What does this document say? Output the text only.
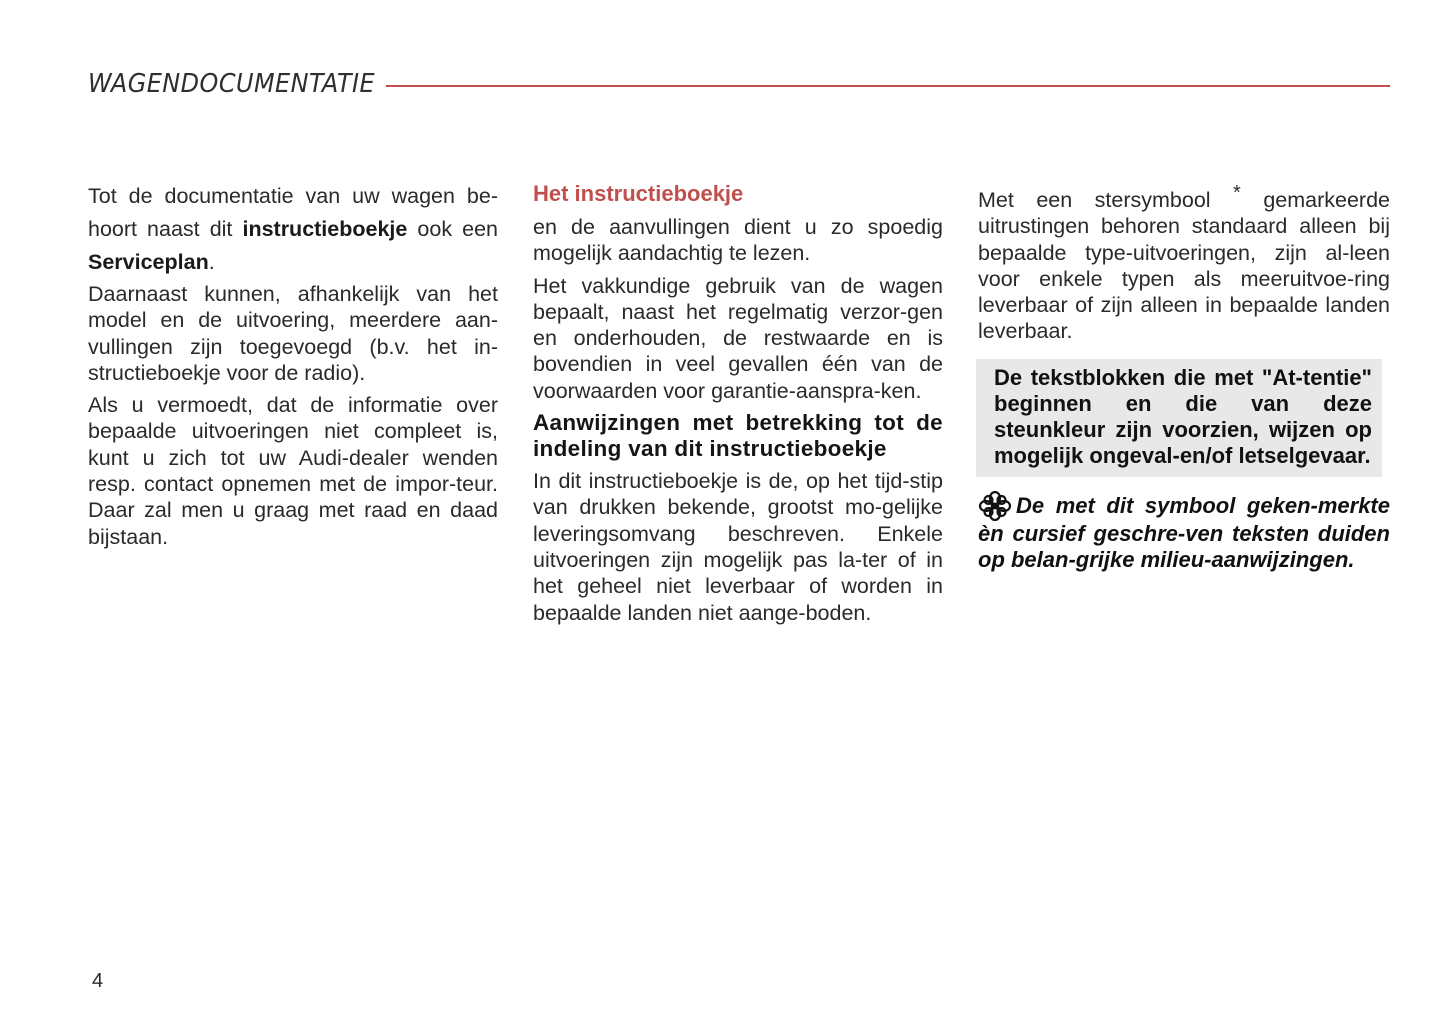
WAGENDOCUMENTATIE

Tot de documentatie van uw wagen be-hoort naast dit instructieboekje ook een Serviceplan.

Daarnaast kunnen, afhankelijk van het model en de uitvoering, meerdere aan-vullingen zijn toegevoegd (b.v. het in-structieboekje voor de radio).

Als u vermoedt, dat de informatie over bepaalde uitvoeringen niet compleet is, kunt u zich tot uw Audi-dealer wenden resp. contact opnemen met de impor-teur. Daar zal men u graag met raad en daad bijstaan.

Het instructieboekje

en de aanvullingen dient u zo spoedig mogelijk aandachtig te lezen.

Het vakkundige gebruik van de wagen bepaalt, naast het regelmatig verzor-gen en onderhouden, de restwaarde en is bovendien in veel gevallen één van de voorwaarden voor garantie-aanspra-ken.

Aanwijzingen met betrekking tot de indeling van dit instructieboekje

In dit instructieboekje is de, op het tijd-stip van drukken bekende, grootst mo-gelijke leveringsomvang beschreven. Enkele uitvoeringen zijn mogelijk pas la-ter of in het geheel niet leverbaar of worden in bepaalde landen niet aange-boden.

Met een stersymbool * gemarkeerde uitrustingen behoren standaard alleen bij bepaalde type-uitvoeringen, zijn al-leen voor enkele typen als meeruitvoe-ring leverbaar of zijn alleen in bepaalde landen leverbaar.

De tekstblokken die met "At-tentie" beginnen en die van deze steunkleur zijn voorzien, wijzen op mogelijk ongeval-en/of letselgevaar.
De met dit symbool geken-merkte èn cursief geschre-ven teksten duiden op belan-grijke milieu-aanwijzingen.
4
